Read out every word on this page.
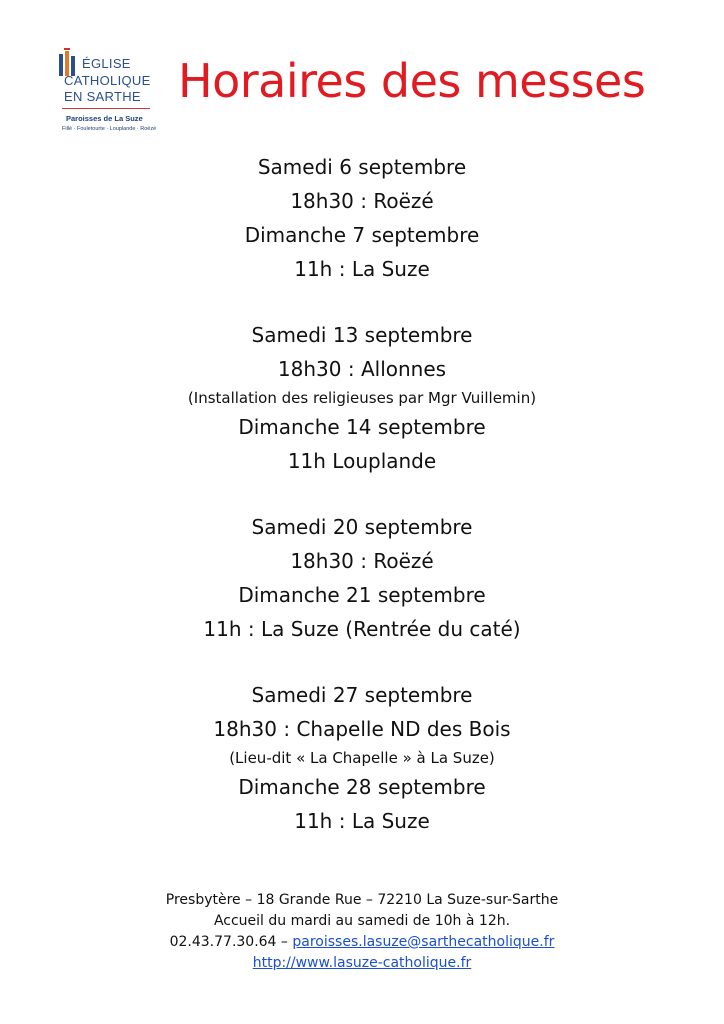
ÉGLISE
CATHOLIQUE
EN SARTHE
Paroisses de La Suze
Fillé · Fouletourte · Louplande · Roëzé
Horaires des messes
Samedi 6 septembre
18h30 : Roëzé
Dimanche 7 septembre
11h : La Suze
Samedi 13 septembre
18h30 : Allonnes
(Installation des religieuses par Mgr Vuillemin)
Dimanche 14 septembre
11h Louplande
Samedi 20 septembre
18h30 : Roëzé
Dimanche 21 septembre
11h : La Suze (Rentrée du caté)
Samedi 27 septembre
18h30 : Chapelle ND des Bois
(Lieu-dit « La Chapelle » à La Suze)
Dimanche 28 septembre
11h : La Suze
Presbytère – 18 Grande Rue – 72210 La Suze-sur-Sarthe
Accueil du mardi au samedi de 10h à 12h.
02.43.77.30.64 – paroisses.lasuze@sarthecatholique.fr
http://www.lasuze-catholique.fr
